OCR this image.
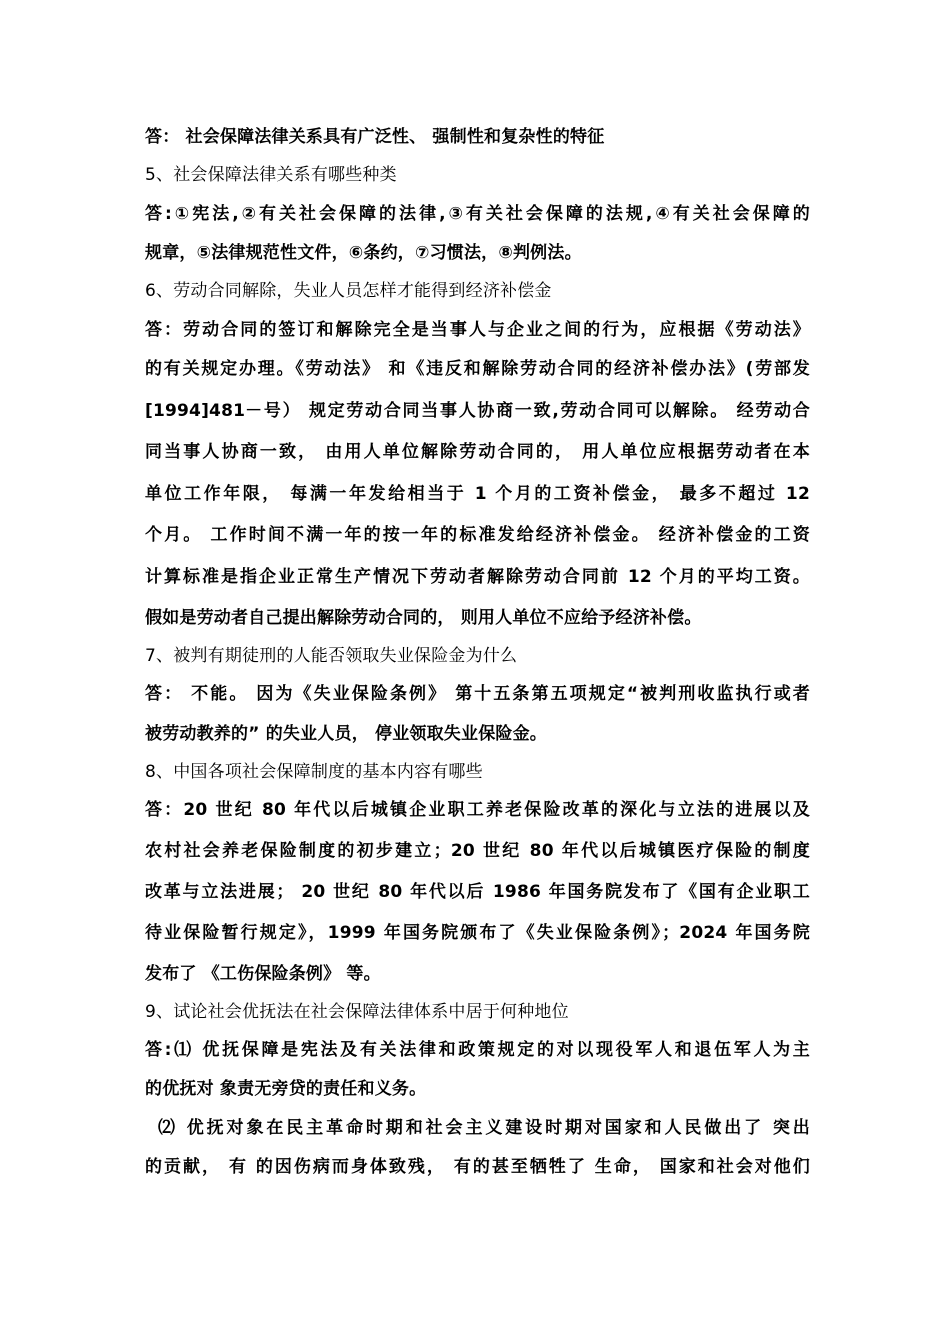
答： 社会保障法律关系具有广泛性、 强制性和复杂性的特征
5、社会保障法律关系有哪些种类
答:①宪法,②有关社会保障的法律,③有关社会保障的法规,④有关社会保障的
规章，⑤法律规范性文件，⑥条约，⑦习惯法，⑧判例法。
6、劳动合同解除，失业人员怎样才能得到经济补偿金
答：劳动合同的签订和解除完全是当事人与企业之间的行为，应根据《劳动法》
的有关规定办理。《劳动法》 和《违反和解除劳动合同的经济补偿办法》(劳部发
[1994]481－号） 规定劳动合同当事人协商一致,劳动合同可以解除。 经劳动合
同当事人协商一致， 由用人单位解除劳动合同的， 用人单位应根据劳动者在本
单位工作年限， 每满一年发给相当于 1 个月的工资补偿金， 最多不超过 12
个月。 工作时间不满一年的按一年的标准发给经济补偿金。 经济补偿金的工资
计算标准是指企业正常生产情况下劳动者解除劳动合同前 12 个月的平均工资。
假如是劳动者自己提出解除劳动合同的， 则用人单位不应给予经济补偿。
7、被判有期徒刑的人能否领取失业保险金为什么
答： 不能。 因为《失业保险条例》 第十五条第五项规定“被判刑收监执行或者
被劳动教养的” 的失业人员， 停业领取失业保险金。
8、中国各项社会保障制度的基本内容有哪些
答：20 世纪 80 年代以后城镇企业职工养老保险改革的深化与立法的进展以及
农村社会养老保险制度的初步建立；20 世纪 80 年代以后城镇医疗保险的制度
改革与立法进展； 20 世纪 80 年代以后 1986 年国务院发布了《国有企业职工
待业保险暂行规定》，1999 年国务院颁布了《失业保险条例》；2024 年国务院
发布了 《工伤保险条例》 等。
9、试论社会优抚法在社会保障法律体系中居于何种地位
答:⑴ 优抚保障是宪法及有关法律和政策规定的对以现役军人和退伍军人为主
的优抚对 象责无旁贷的责任和义务。
⑵ 优抚对象在民主革命时期和社会主义建设时期对国家和人民做出了 突出
的贡献， 有 的因伤病而身体致残， 有的甚至牺牲了 生命， 国家和社会对他们
